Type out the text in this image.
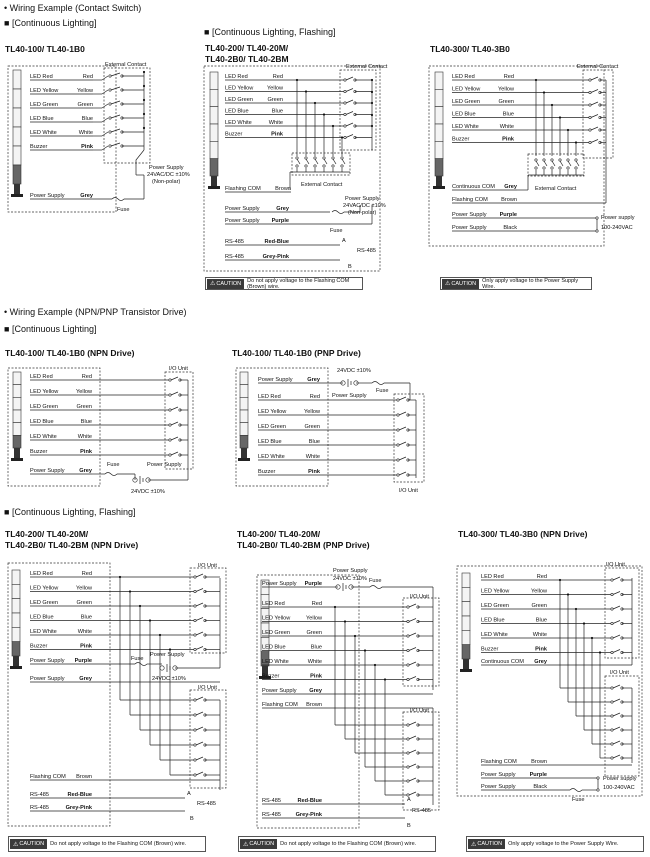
• Wiring Example (Contact Switch)
■ [Continuous Lighting]
■ [Continuous Lighting, Flashing]
TL40-100/ TL40-1B0	TL40-200/ TL40-20M/
TL40-2B0/ TL40-2BM
TL40-300/ TL40-3B0
• Wiring Example (NPN/PNP Transistor Drive)
■ [Continuous Lighting]
TL40-100/ TL40-1B0 (NPN Drive)	TL40-100/ TL40-1B0 (PNP Drive)
■ [Continuous Lighting, Flashing]
TL40-200/ TL40-20M/
TL40-2B0/ TL40-2BM (NPN Drive)
TL40-200/ TL40-20M/
TL40-2B0/ TL40-2BM (PNP Drive)
TL40-300/ TL40-3B0 (NPN Drive)
⚠ CAUTION Do not apply voltage to the Flashing COM (Brown) wire.	⚠ CAUTION Only apply voltage to the Power Supply Wire.
⚠ CAUTION Do not apply voltage to the Flashing COM (Brown) wire.	⚠ CAUTION Do not apply voltage to the Flashing COM (Brown) wire.	⚠ CAUTION Only apply voltage to the Power Supply Wire.
LED Red	Red
LED Yellow	Yellow
LED Green	Green
LED Blue	Blue
LED White	White
Buzzer	Pink
External Contact
Power Supply	Grey
Fuse
Power Supply
24VAC/DC ±10%
(Non-polar)
LED Red	Red
LED Yellow Yellow
LED Green	Green
LED Blue	Blue
LED White	White
Buzzer	Pink
External Contact
External Contact
Flashing COM	Brown
Power Supply	Grey
Power Supply Purple
Fuse
Power Supply
24VAC/DC ±10%
(Non-polar)
RS-485	Red-Blue	A
RS-485	Grey-Pink
B
RS-485
LED Red	Red
LED Yellow	Yellow
LED Green	Green
LED Blue	Blue
LED White	White
Buzzer	Pink
External Contact
External Contact
Continuous COM Grey
Flashing COM Brown
Power Supply Purple
Power Supply	Black
Power supply
100-240VAC
LED Red	Red
LED Yellow	Yellow
LED Green	Green
LED Blue	Blue
LED White	White
Buzzer	Pink
I/O Unit
Power Supply	Grey
Fuse	Power Supply
24VDC ±10%
Power Supply	Grey
24VDC ±10%
Power Supply
Fuse
LED Red	Red
LED Yellow	Yellow
LED Green	Green
LED Blue	Blue
LED White	White
Buzzer	Pink
I/O Unit
LED Red	Red
LED Yellow	Yellow
LED Green	Green
LED Blue	Blue
LED White	White
Buzzer	Pink
I/O Unit
Power Supply Purple
Power Supply	Grey
Fuse
Power Supply
24VDC ±10%
I/O Unit
Flashing COM Brown
RS-485	Red-Blue	A
RS-485	Grey-Pink
B
RS-485
Power Supply Purple
Power Supply
24VDC ±10% Fuse
LED Red	Red
LED Yellow	Yellow
LED Green	Green
LED Blue	Blue
LED White	White
Buzzer	Pink
I/O Unit
Power Supply Grey
Flashing COM Brown
I/O Unit
RS-485	Red-Blue	A
RS-485	Grey-Pink
B
RS-485
LED Red	Red
LED Yellow	Yellow
LED Green	Green
LED Blue	Blue
LED White	White
Buzzer	Pink
I/O Unit
Continuous COM Grey
I/O Unit
Flashing COM	Brown
Power Supply	Purple
Power Supply	Black
Fuse
Power supply
100-240VAC
